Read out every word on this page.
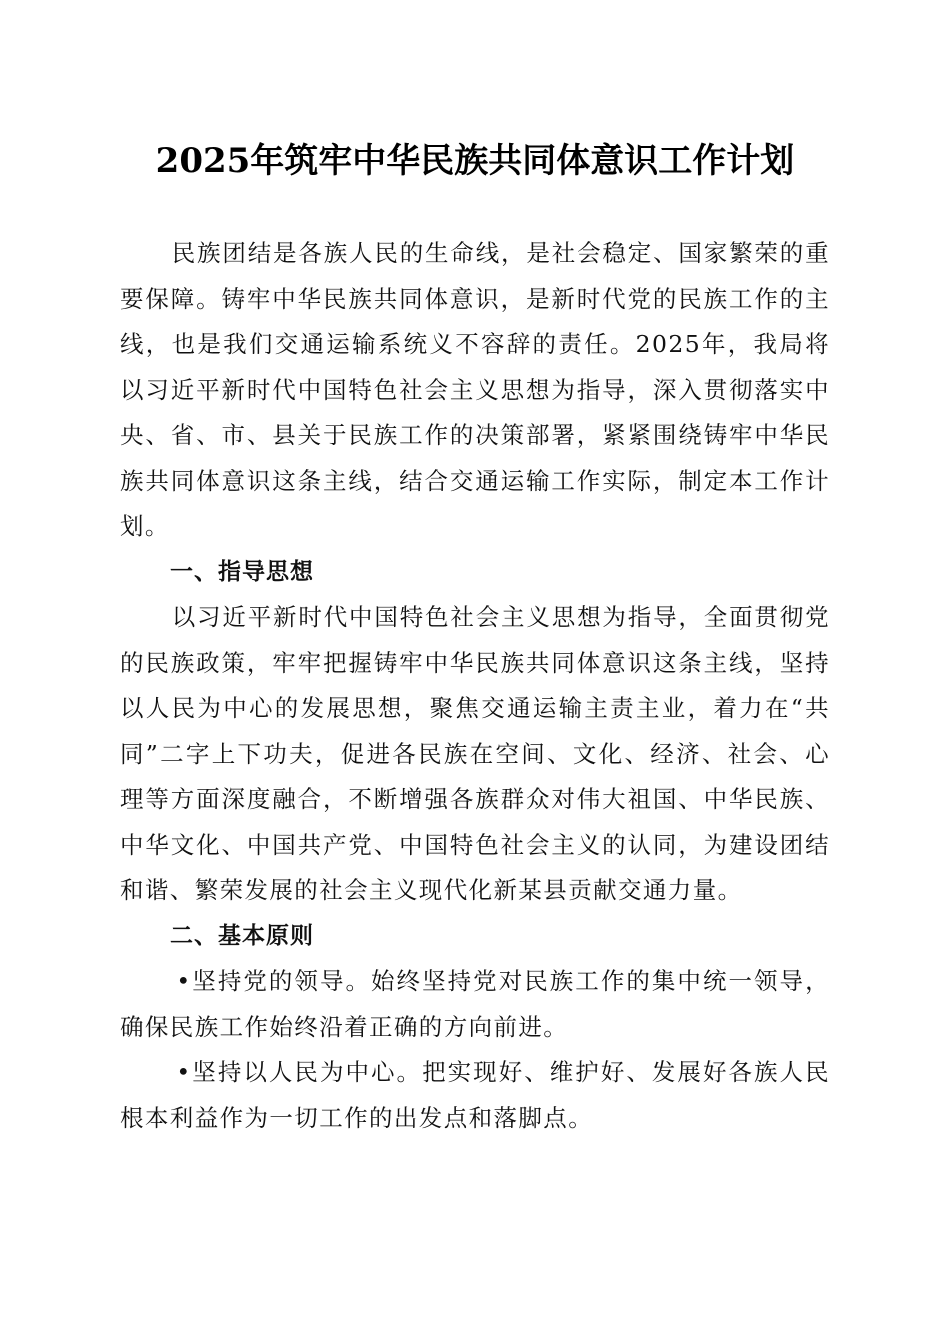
2025年筑牢中华民族共同体意识工作计划

民族团结是各族人民的生命线，是社会稳定、国家繁荣的重要保障。铸牢中华民族共同体意识，是新时代党的民族工作的主线，也是我们交通运输系统义不容辞的责任。2025年，我局将以习近平新时代中国特色社会主义思想为指导，深入贯彻落实中央、省、市、县关于民族工作的决策部署，紧紧围绕铸牢中华民族共同体意识这条主线，结合交通运输工作实际，制定本工作计划。

一、指导思想

以习近平新时代中国特色社会主义思想为指导，全面贯彻党的民族政策，牢牢把握铸牢中华民族共同体意识这条主线，坚持以人民为中心的发展思想，聚焦交通运输主责主业，着力在“共同”二字上下功夫，促进各民族在空间、文化、经济、社会、心理等方面深度融合，不断增强各族群众对伟大祖国、中华民族、中华文化、中国共产党、中国特色社会主义的认同，为建设团结和谐、繁荣发展的社会主义现代化新某县贡献交通力量。

二、基本原则

•坚持党的领导。始终坚持党对民族工作的集中统一领导，确保民族工作始终沿着正确的方向前进。

•坚持以人民为中心。把实现好、维护好、发展好各族人民根本利益作为一切工作的出发点和落脚点。
